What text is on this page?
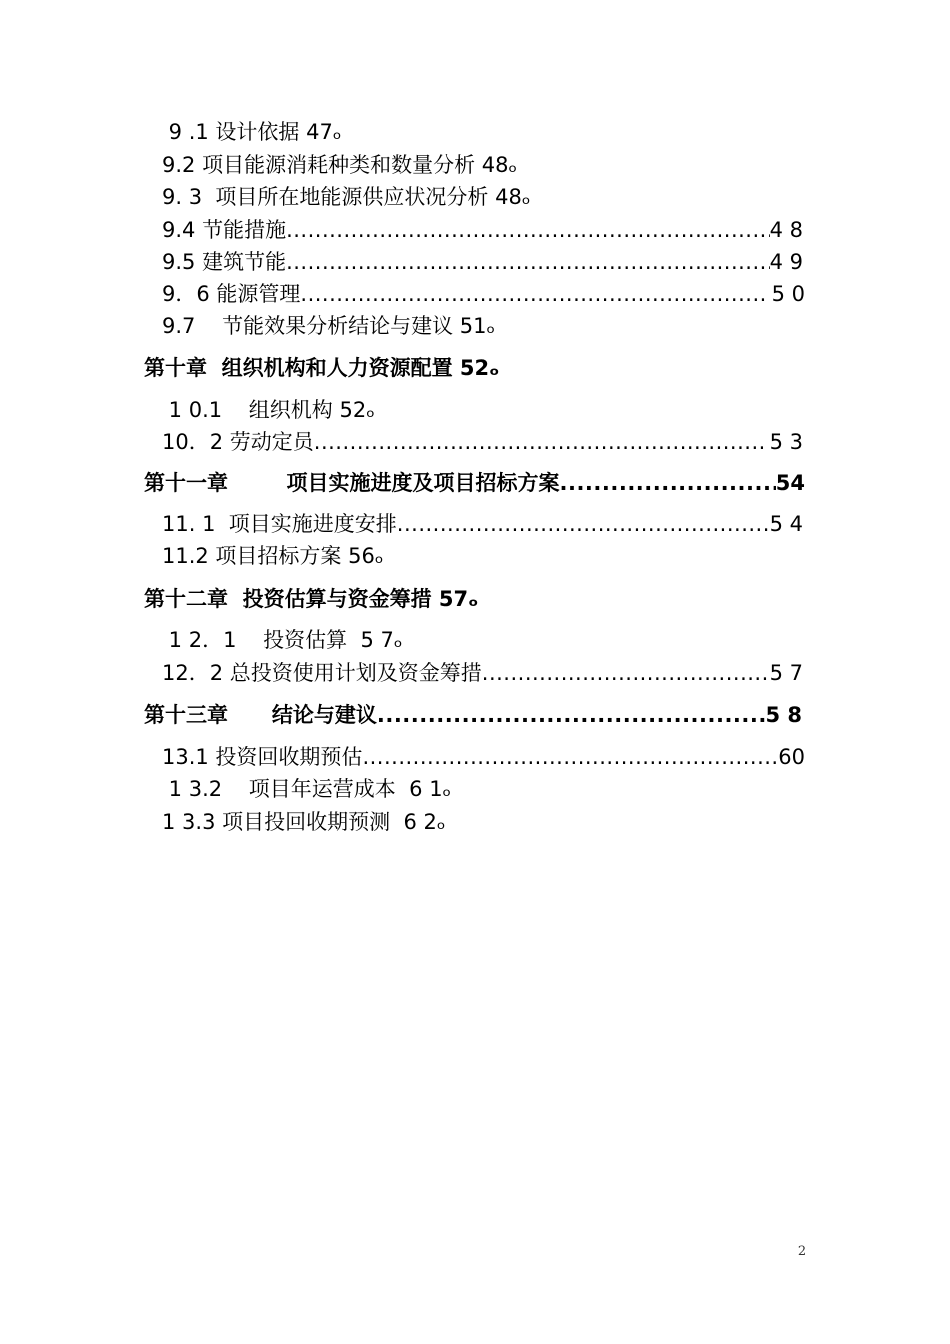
9 .1 设计依据 47ₒ
9.2 项目能源消耗种类和数量分析 48ₒ
9. 3  项目所在地能源供应状况分析 48ₒ
9.4 节能措施 .....	4 8
9.5 建筑节能 .....	4 9
9．6 能源管理 .....	5 0
9.7    节能效果分析结论与建议 51ₒ
第十章  组织机构和人力资源配置 52ₒ
1 0.1    组织机构 52ₒ
10．2 劳动定员 .....	5 3
第十一章        项目实施进度及项目招标方案 .....	54
11. 1  项目实施进度安排 .....	5 4
11.2 项目招标方案 56ₒ
第十二章  投资估算与资金筹措 57ₒ
1 2．1    投资估算  5 7ₒ
12．2 总投资使用计划及资金筹措 .....	5 7
第十三章      结论与建议 .....	5 8
13.1 投资回收期预估 .....	60
1 3.2    项目年运营成本  6 1ₒ
1 3.3 项目投回收期预测  6 2ₒ
2
